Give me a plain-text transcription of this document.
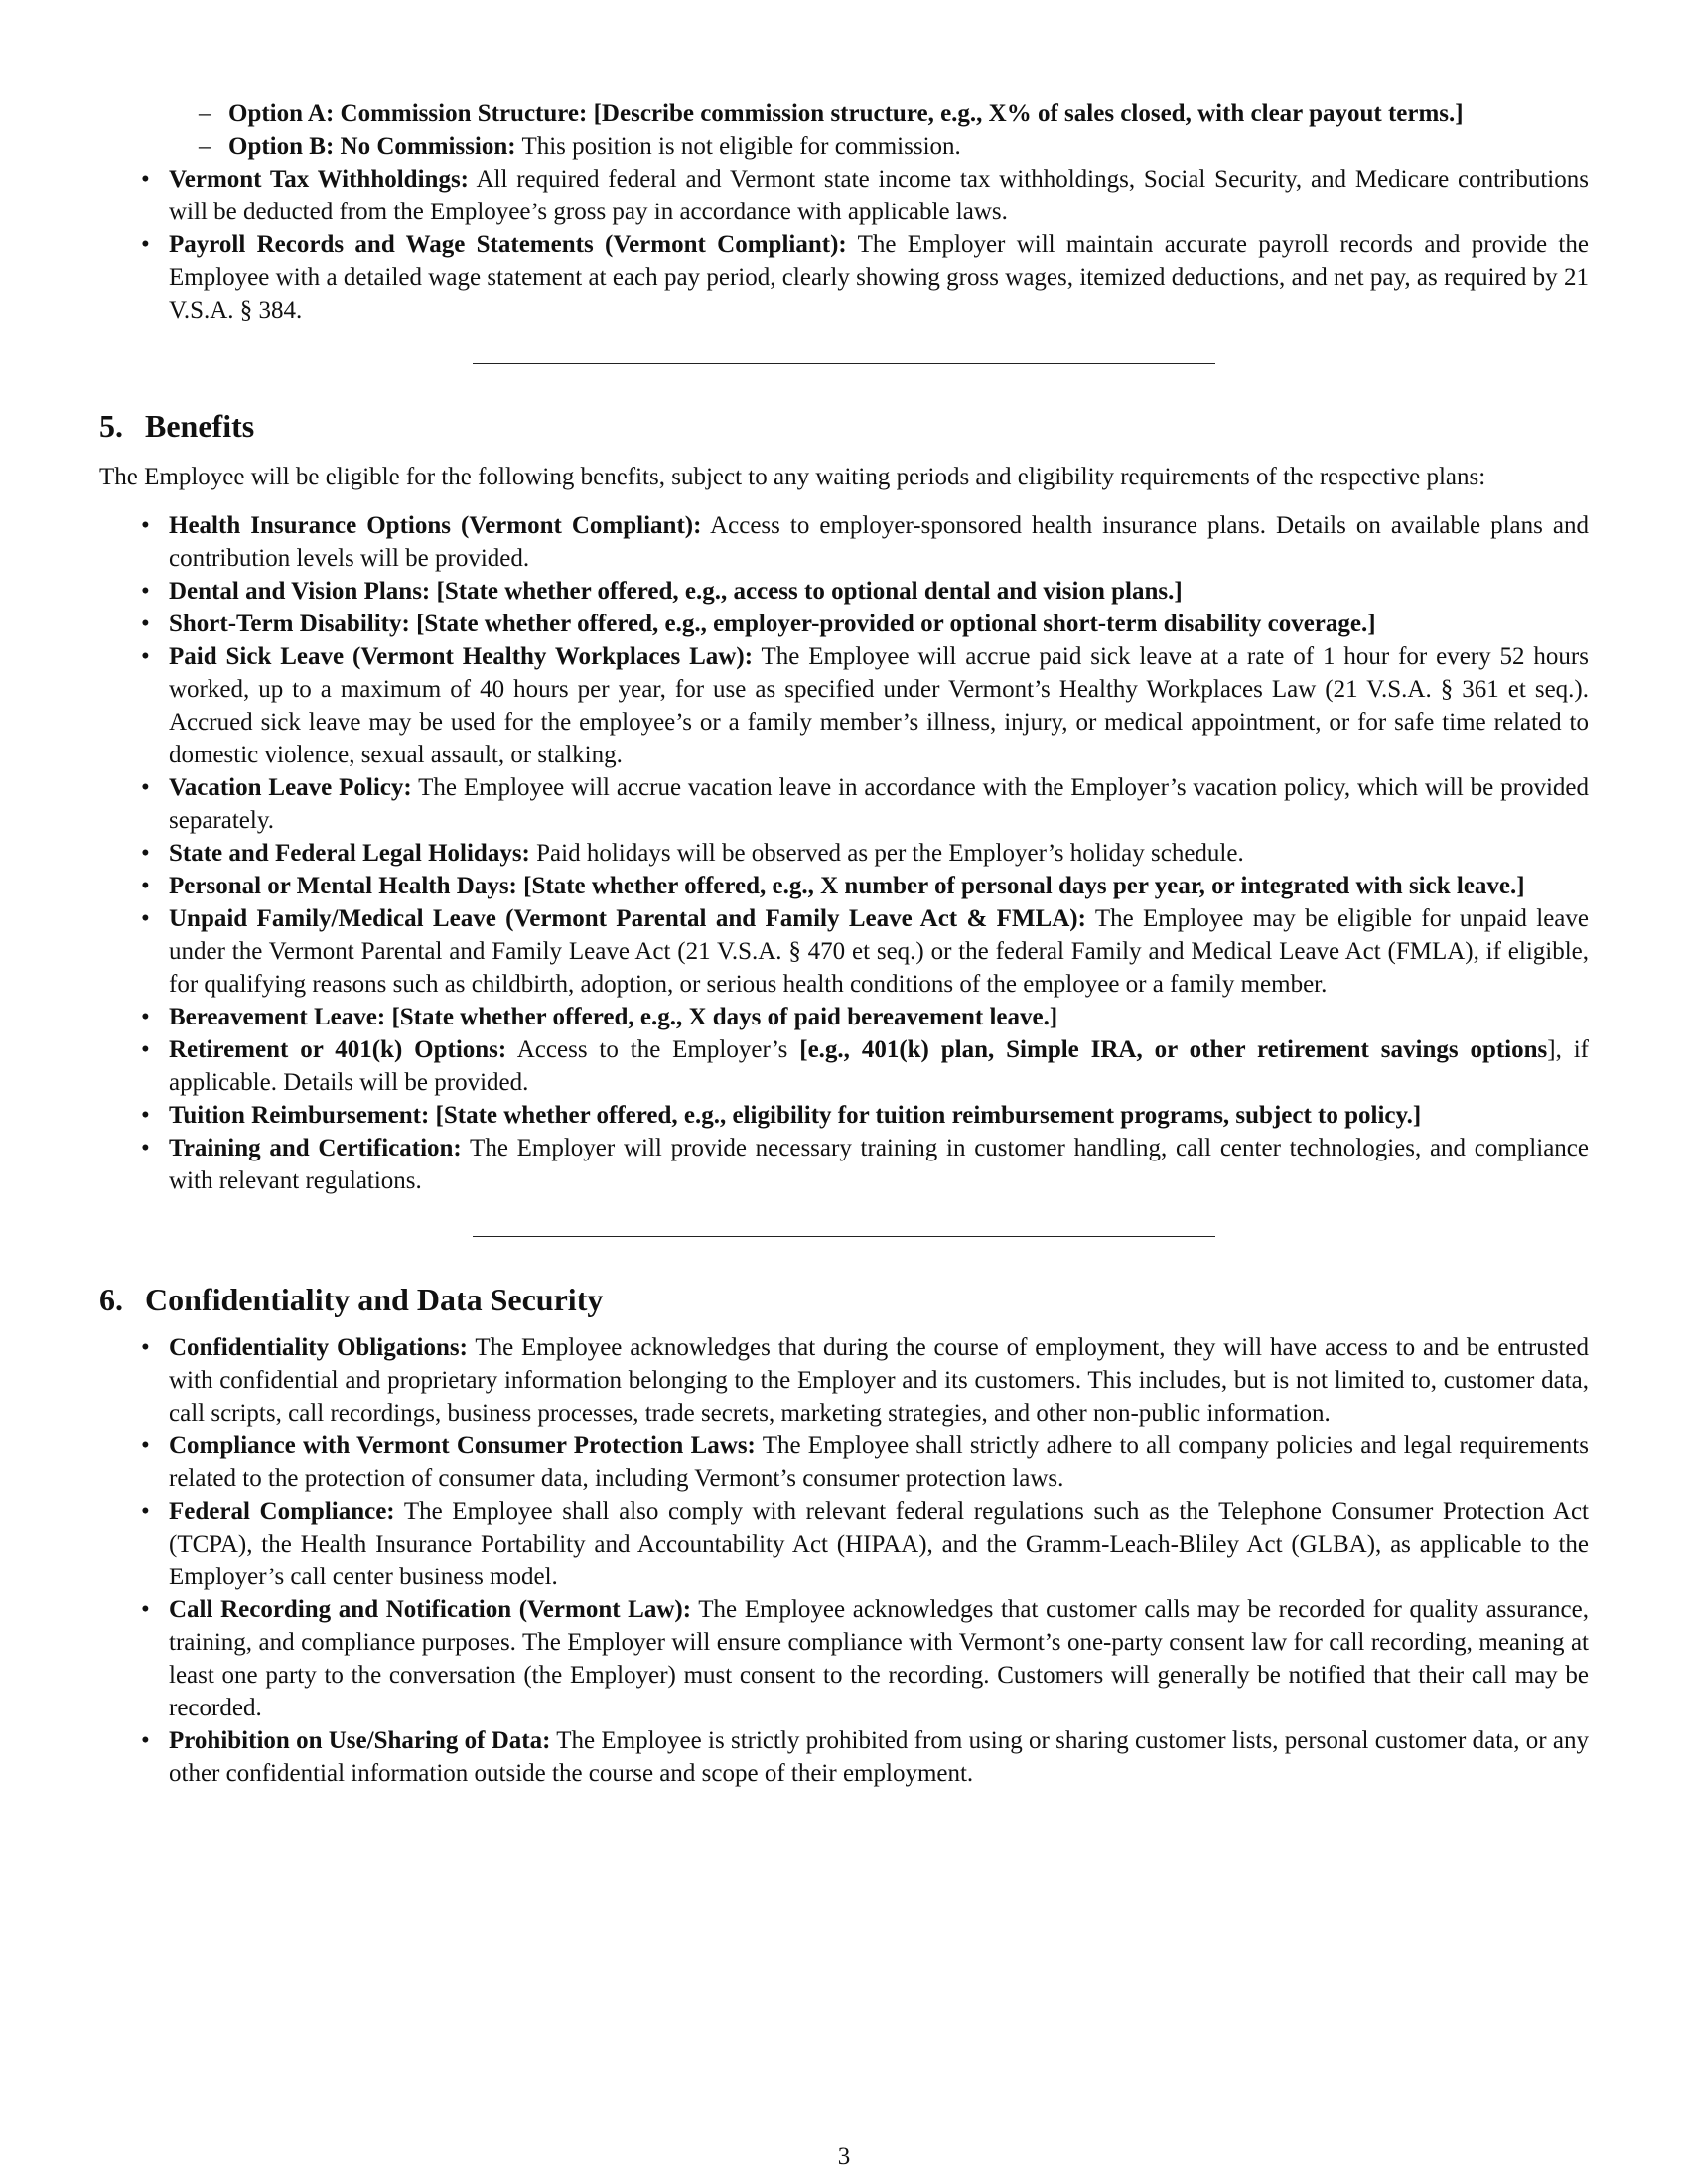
– Option A: Commission Structure: [Describe commission structure, e.g., X% of sales closed, with clear payout terms.]
– Option B: No Commission: This position is not eligible for commission.
• Vermont Tax Withholdings: All required federal and Vermont state income tax withholdings, Social Security, and Medicare contributions will be deducted from the Employee’s gross pay in accordance with applicable laws.
• Payroll Records and Wage Statements (Vermont Compliant): The Employer will maintain accurate payroll records and provide the Employee with a detailed wage statement at each pay period, clearly showing gross wages, itemized deductions, and net pay, as required by 21 V.S.A. § 384.
5. Benefits

The Employee will be eligible for the following benefits, subject to any waiting periods and eligibility requirements of the respective plans:

• Health Insurance Options (Vermont Compliant): Access to employer-sponsored health insurance plans. Details on available plans and contribution levels will be provided.
• Dental and Vision Plans: [State whether offered, e.g., access to optional dental and vision plans.]
• Short-Term Disability: [State whether offered, e.g., employer-provided or optional short-term disability coverage.]
• Paid Sick Leave (Vermont Healthy Workplaces Law): The Employee will accrue paid sick leave at a rate of 1 hour for every 52 hours worked, up to a maximum of 40 hours per year, for use as specified under Vermont’s Healthy Workplaces Law (21 V.S.A. § 361 et seq.). Accrued sick leave may be used for the employee’s or a family member’s illness, injury, or medical appointment, or for safe time related to domestic violence, sexual assault, or stalking.
• Vacation Leave Policy: The Employee will accrue vacation leave in accordance with the Employer’s vacation policy, which will be provided separately.
• State and Federal Legal Holidays: Paid holidays will be observed as per the Employer’s holiday schedule.
• Personal or Mental Health Days: [State whether offered, e.g., X number of personal days per year, or integrated with sick leave.]
• Unpaid Family/Medical Leave (Vermont Parental and Family Leave Act & FMLA): The Employee may be eligible for unpaid leave under the Vermont Parental and Family Leave Act (21 V.S.A. § 470 et seq.) or the federal Family and Medical Leave Act (FMLA), if eligible, for qualifying reasons such as childbirth, adoption, or serious health conditions of the employee or a family member.
• Bereavement Leave: [State whether offered, e.g., X days of paid bereavement leave.]
• Retirement or 401(k) Options: Access to the Employer’s [e.g., 401(k) plan, Simple IRA, or other retirement savings options], if applicable. Details will be provided.
• Tuition Reimbursement: [State whether offered, e.g., eligibility for tuition reimbursement programs, subject to policy.]
• Training and Certification: The Employer will provide necessary training in customer handling, call center technologies, and compliance with relevant regulations.
6. Confidentiality and Data Security
• Confidentiality Obligations: The Employee acknowledges that during the course of employment, they will have access to and be entrusted with confidential and proprietary information belonging to the Employer and its customers. This includes, but is not limited to, customer data, call scripts, call recordings, business processes, trade secrets, marketing strategies, and other non-public information.
• Compliance with Vermont Consumer Protection Laws: The Employee shall strictly adhere to all company policies and legal requirements related to the protection of consumer data, including Vermont’s consumer protection laws.
• Federal Compliance: The Employee shall also comply with relevant federal regulations such as the Telephone Consumer Protection Act (TCPA), the Health Insurance Portability and Accountability Act (HIPAA), and the Gramm-Leach-Bliley Act (GLBA), as applicable to the Employer’s call center business model.
• Call Recording and Notification (Vermont Law): The Employee acknowledges that customer calls may be recorded for quality assurance, training, and compliance purposes. The Employer will ensure compliance with Vermont’s one-party consent law for call recording, meaning at least one party to the conversation (the Employer) must consent to the recording. Customers will generally be notified that their call may be recorded.
• Prohibition on Use/Sharing of Data: The Employee is strictly prohibited from using or sharing customer lists, personal customer data, or any other confidential information outside the course and scope of their employment.
3
